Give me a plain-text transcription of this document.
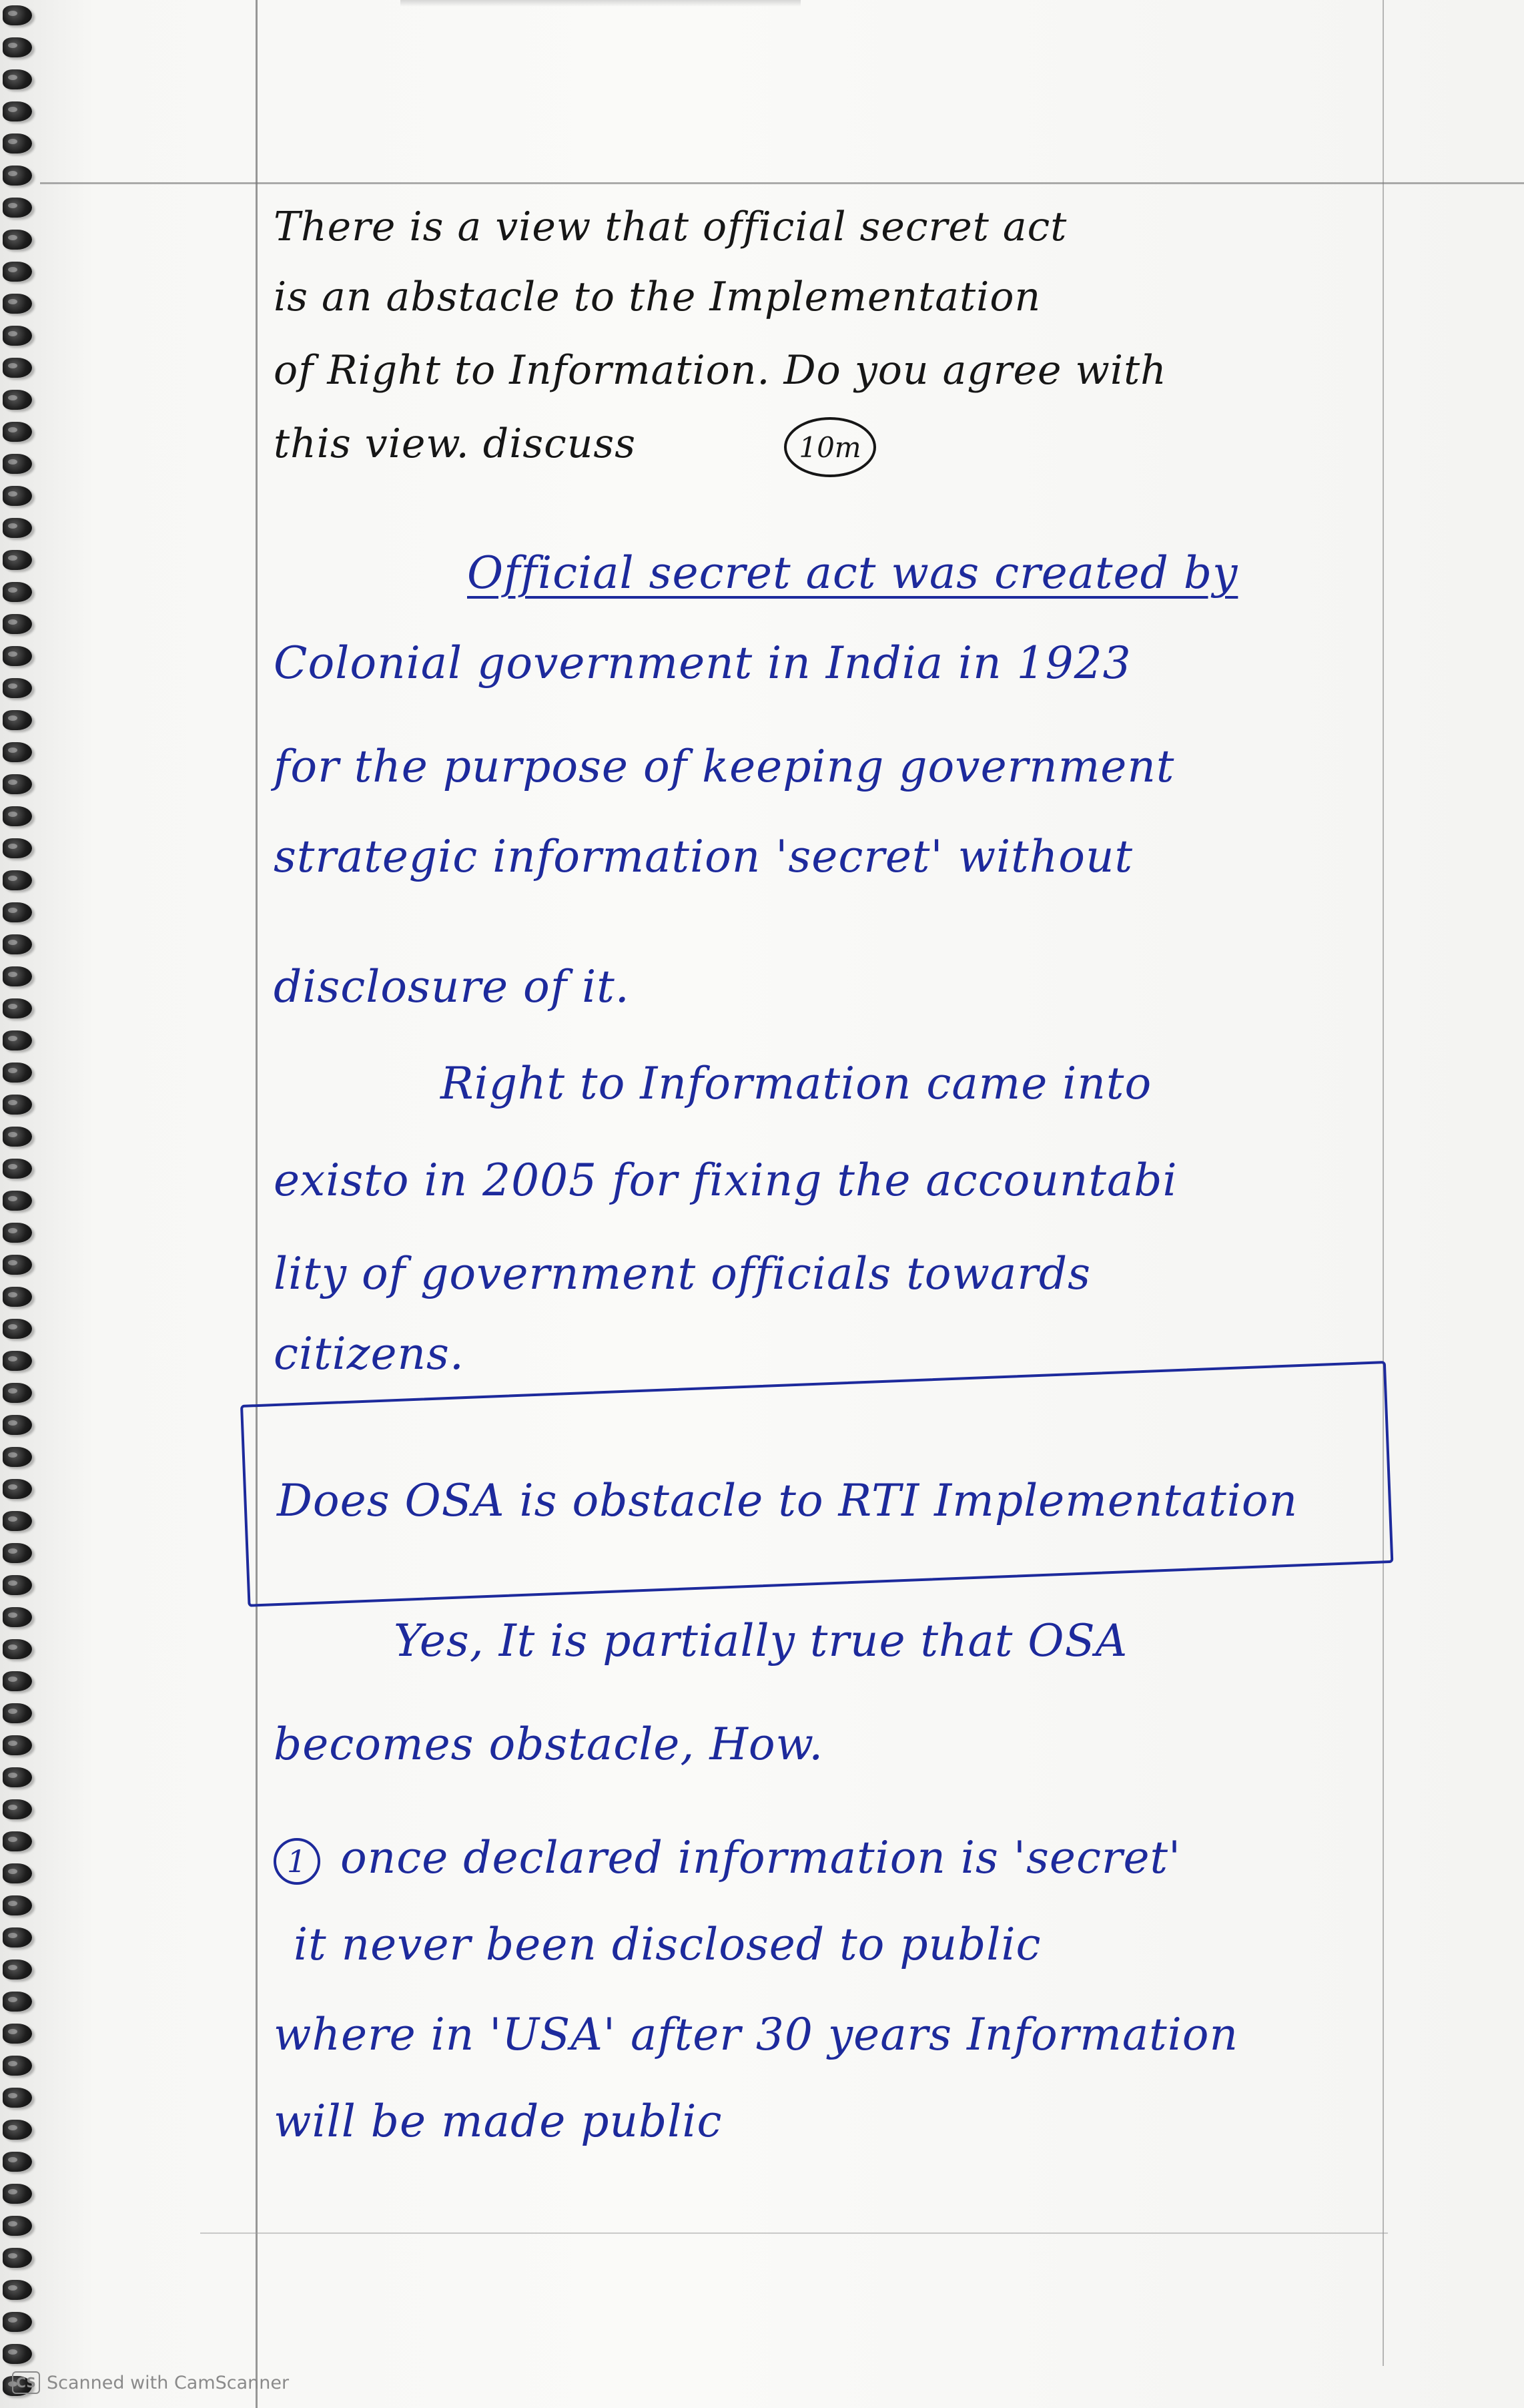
There is a view that official secret act
is an abstacle to the Implementation
of Right to Information. Do you agree with
this view. discuss	10m
Official secret act was created by
Colonial government in India in 1923
for the purpose of keeping government
strategic information 'secret' without
disclosure of it.
Right to Information came into
existo in 2005 for fixing the accountabi
lity of government officials towards
citizens.
Does OSA is obstacle to RTI Implementation
Yes, It is partially true that OSA
becomes obstacle, How.
1 once declared information is 'secret'
it never been disclosed to public
where in 'USA' after 30 years Information
will be made public
CS Scanned with CamScanner
